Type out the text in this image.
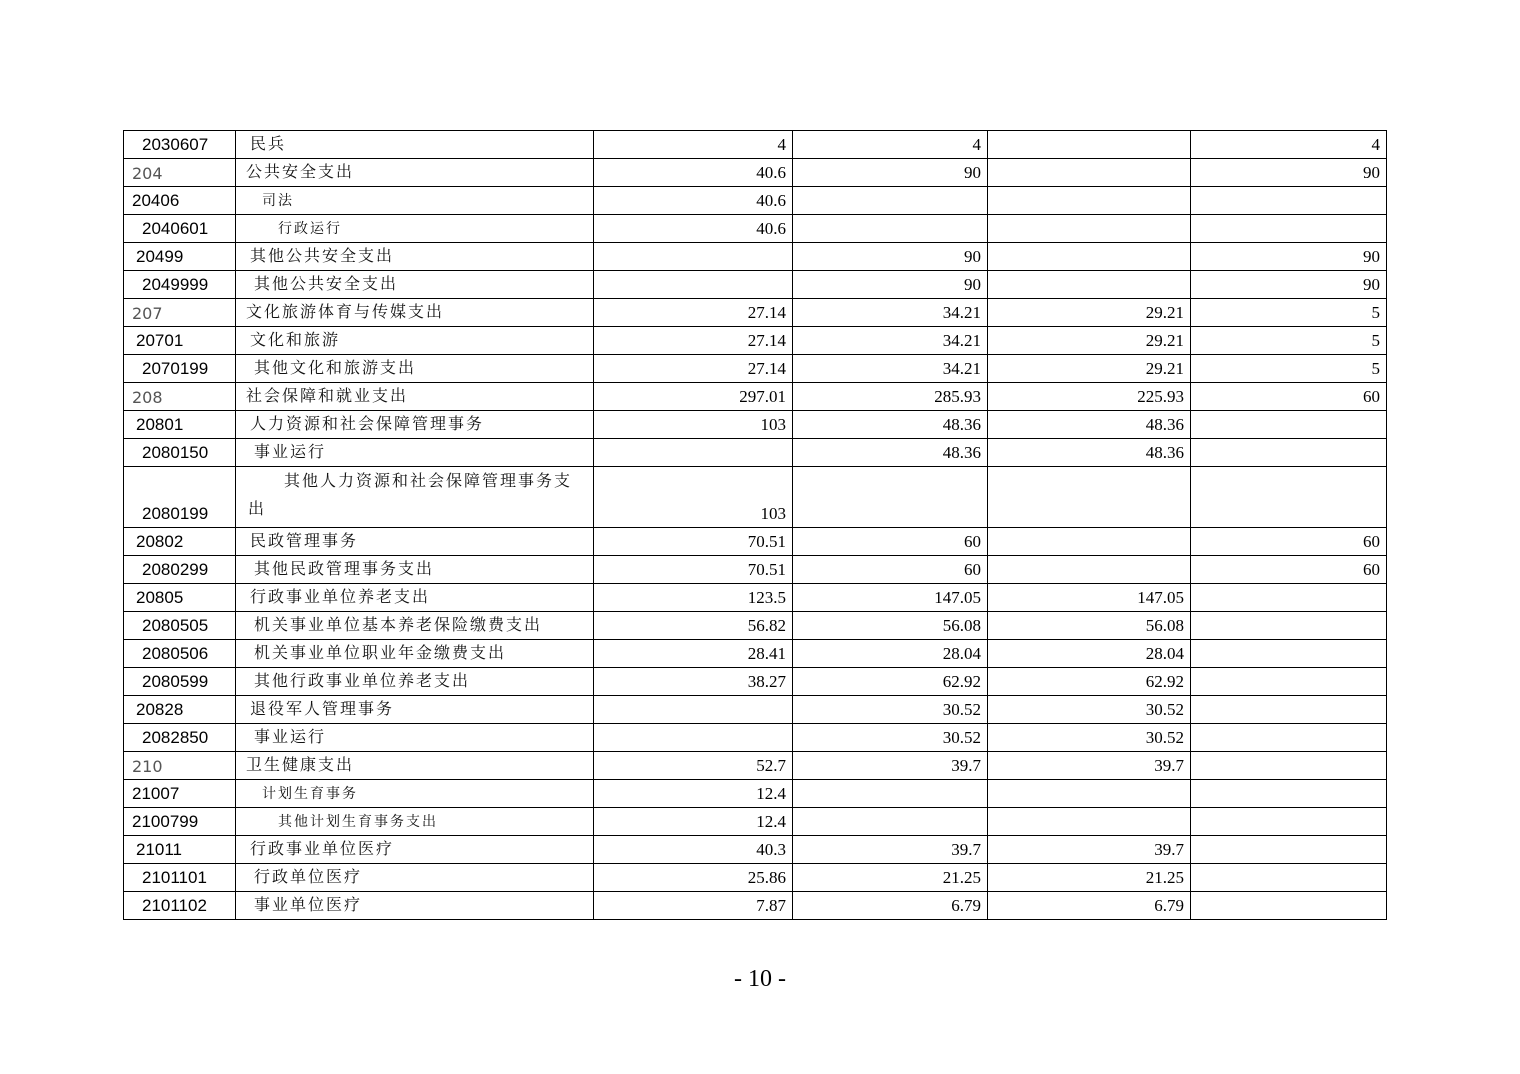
2030607	民兵	4	4		4
204	公共安全支出	40.6	90		90
20406	司法	40.6			
2040601	行政运行	40.6			
20499	其他公共安全支出		90		90
2049999	其他公共安全支出		90		90
207	文化旅游体育与传媒支出	27.14	34.21	29.21	5
20701	文化和旅游	27.14	34.21	29.21	5
2070199	其他文化和旅游支出	27.14	34.21	29.21	5
208	社会保障和就业支出	297.01	285.93	225.93	60
20801	人力资源和社会保障管理事务	103	48.36	48.36	
2080150	事业运行		48.36	48.36	
2080199	其他人力资源和社会保障管理事务支出	103			
20802	民政管理事务	70.51	60		60
2080299	其他民政管理事务支出	70.51	60		60
20805	行政事业单位养老支出	123.5	147.05	147.05	
2080505	机关事业单位基本养老保险缴费支出	56.82	56.08	56.08	
2080506	机关事业单位职业年金缴费支出	28.41	28.04	28.04	
2080599	其他行政事业单位养老支出	38.27	62.92	62.92	
20828	退役军人管理事务		30.52	30.52	
2082850	事业运行		30.52	30.52	
210	卫生健康支出	52.7	39.7	39.7	
21007	计划生育事务	12.4			
2100799	其他计划生育事务支出	12.4			
21011	行政事业单位医疗	40.3	39.7	39.7	
2101101	行政单位医疗	25.86	21.25	21.25	
2101102	事业单位医疗	7.87	6.79	6.79	
- 10 -
